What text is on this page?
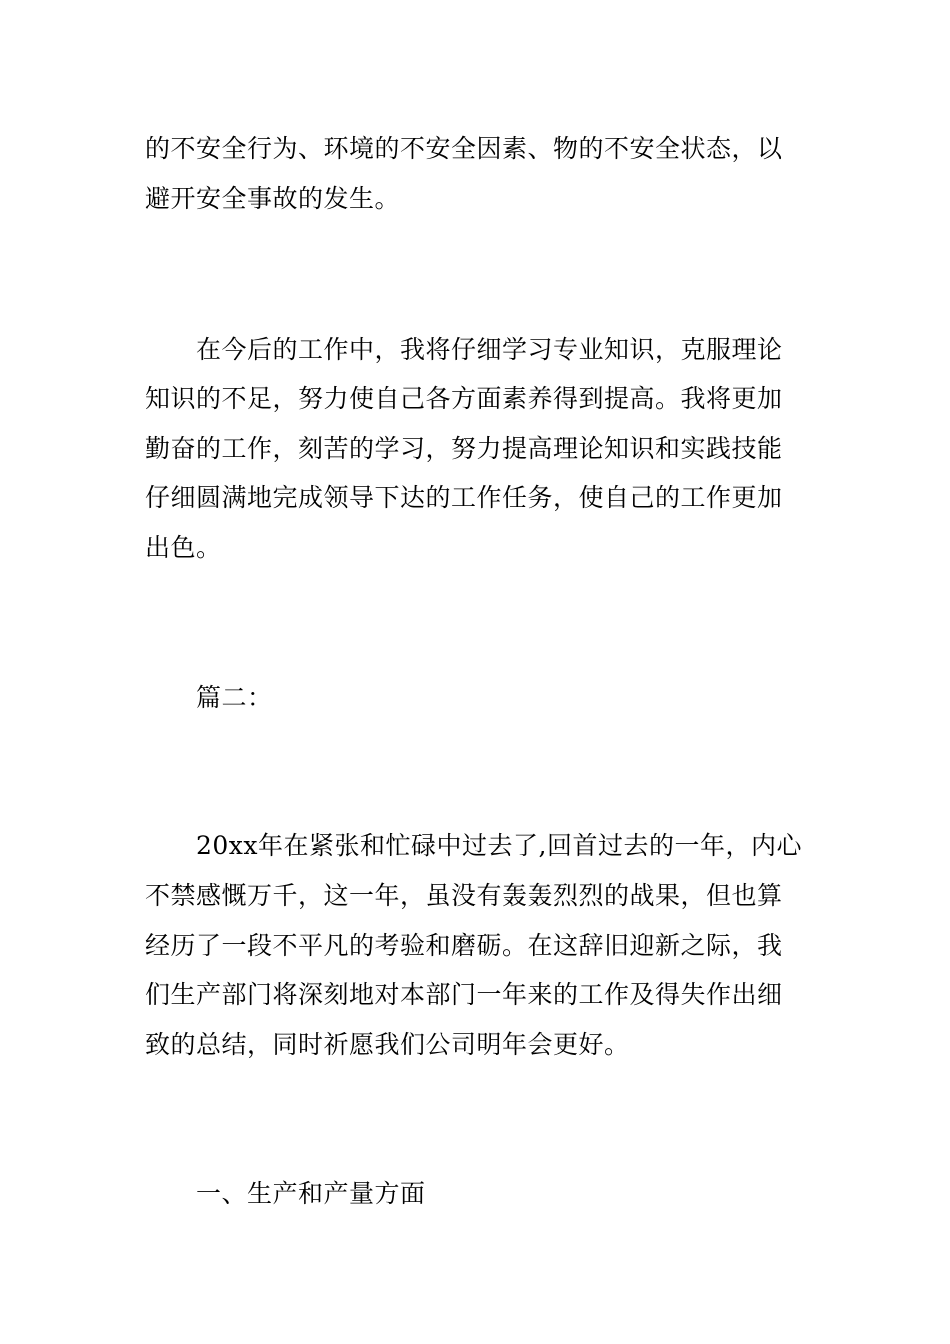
的不安全行为、环境的不安全因素、物的不安全状态，以
避开安全事故的发生。
在今后的工作中，我将仔细学习专业知识，克服理论
知识的不足，努力使自己各方面素养得到提高。我将更加
勤奋的工作，刻苦的学习，努力提高理论知识和实践技能
仔细圆满地完成领导下达的工作任务，使自己的工作更加
出色。
篇二：
20xx年在紧张和忙碌中过去了,回首过去的一年，内心
不禁感慨万千，这一年，虽没有轰轰烈烈的战果，但也算
经历了一段不平凡的考验和磨砺。在这辞旧迎新之际，我
们生产部门将深刻地对本部门一年来的工作及得失作出细
致的总结，同时祈愿我们公司明年会更好。
一、生产和产量方面
